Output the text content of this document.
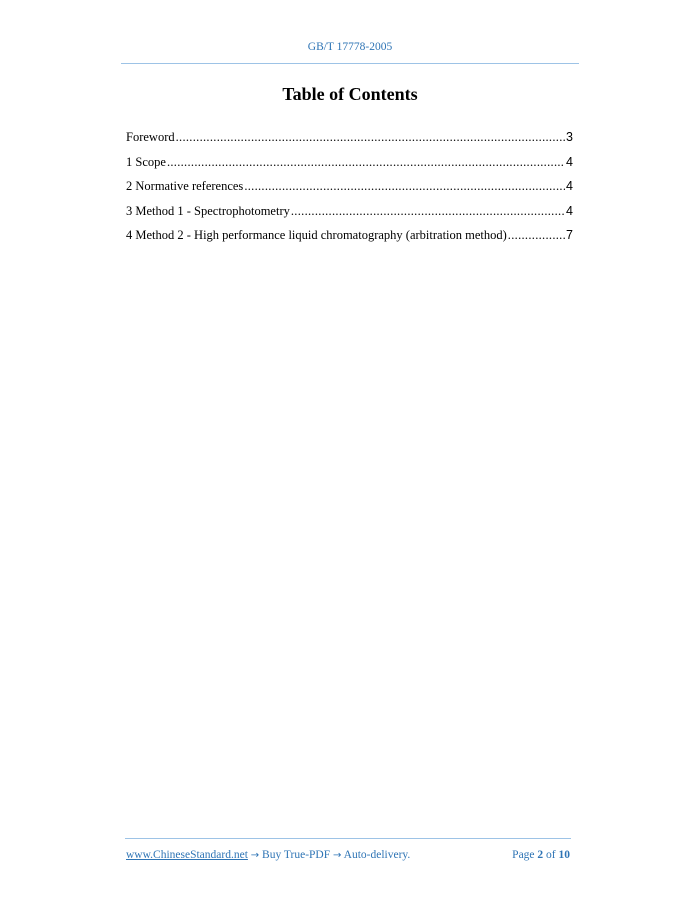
GB/T 17778-2005
Table of Contents
Foreword .....	3
1 Scope .....	4
2 Normative references .....	4
3 Method 1 - Spectrophotometry .....	4
4 Method 2 - High performance liquid chromatography (arbitration method) .....	7
www.ChineseStandard.net → Buy True-PDF → Auto-delivery.	Page 2 of 10
